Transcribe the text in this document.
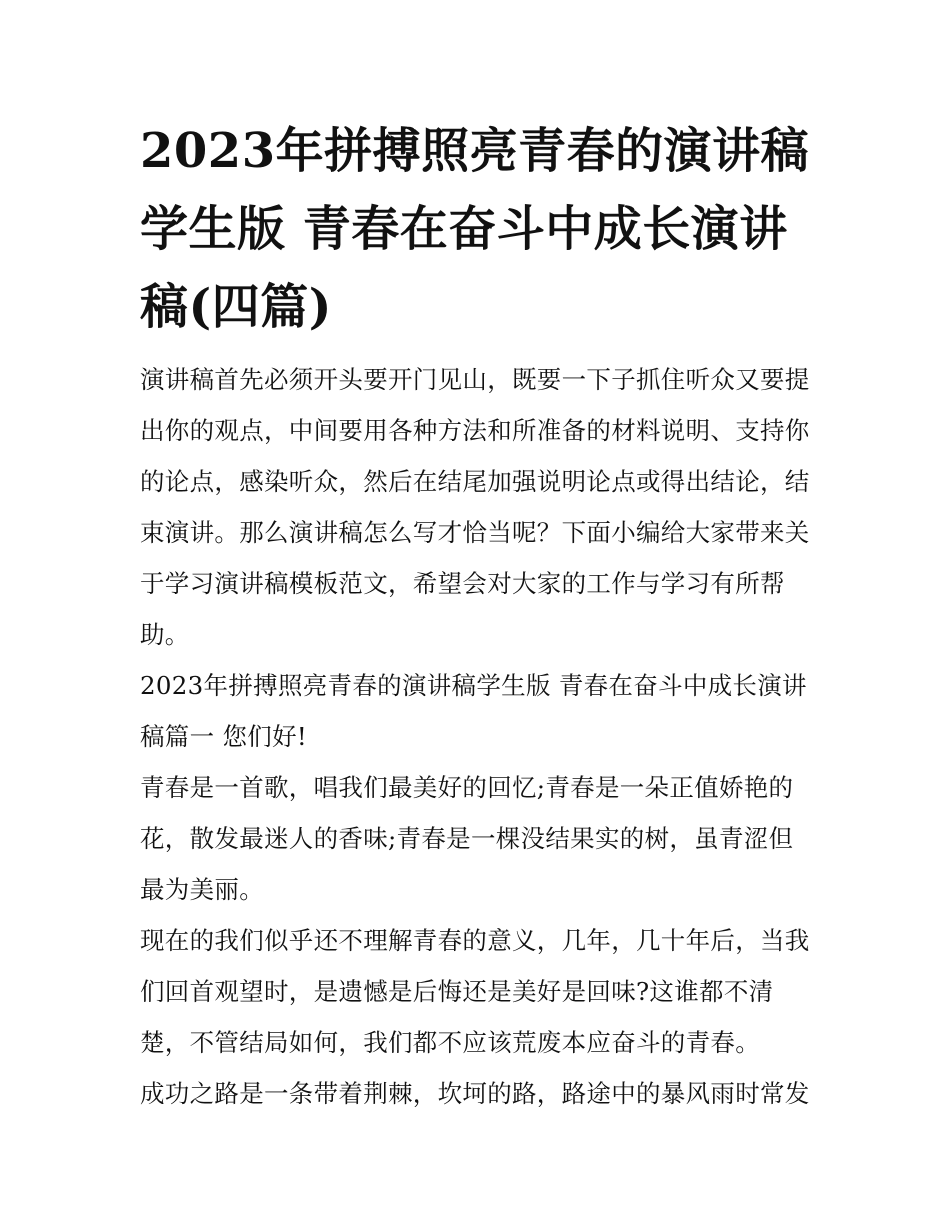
2023年拼搏照亮青春的演讲稿学生版 青春在奋斗中成长演讲稿(四篇)

演讲稿首先必须开头要开门见山，既要一下子抓住听众又要提出你的观点，中间要用各种方法和所准备的材料说明、支持你的论点，感染听众，然后在结尾加强说明论点或得出结论，结束演讲。那么演讲稿怎么写才恰当呢？下面小编给大家带来关于学习演讲稿模板范文，希望会对大家的工作与学习有所帮助。

2023年拼搏照亮青春的演讲稿学生版 青春在奋斗中成长演讲稿篇一 您们好!

青春是一首歌，唱我们最美好的回忆;青春是一朵正值娇艳的花，散发最迷人的香味;青春是一棵没结果实的树，虽青涩但最为美丽。

现在的我们似乎还不理解青春的意义，几年，几十年后，当我们回首观望时，是遗憾是后悔还是美好是回味?这谁都不清楚，不管结局如何，我们都不应该荒废本应奋斗的青春。

成功之路是一条带着荆棘，坎坷的路，路途中的暴风雨时常发
